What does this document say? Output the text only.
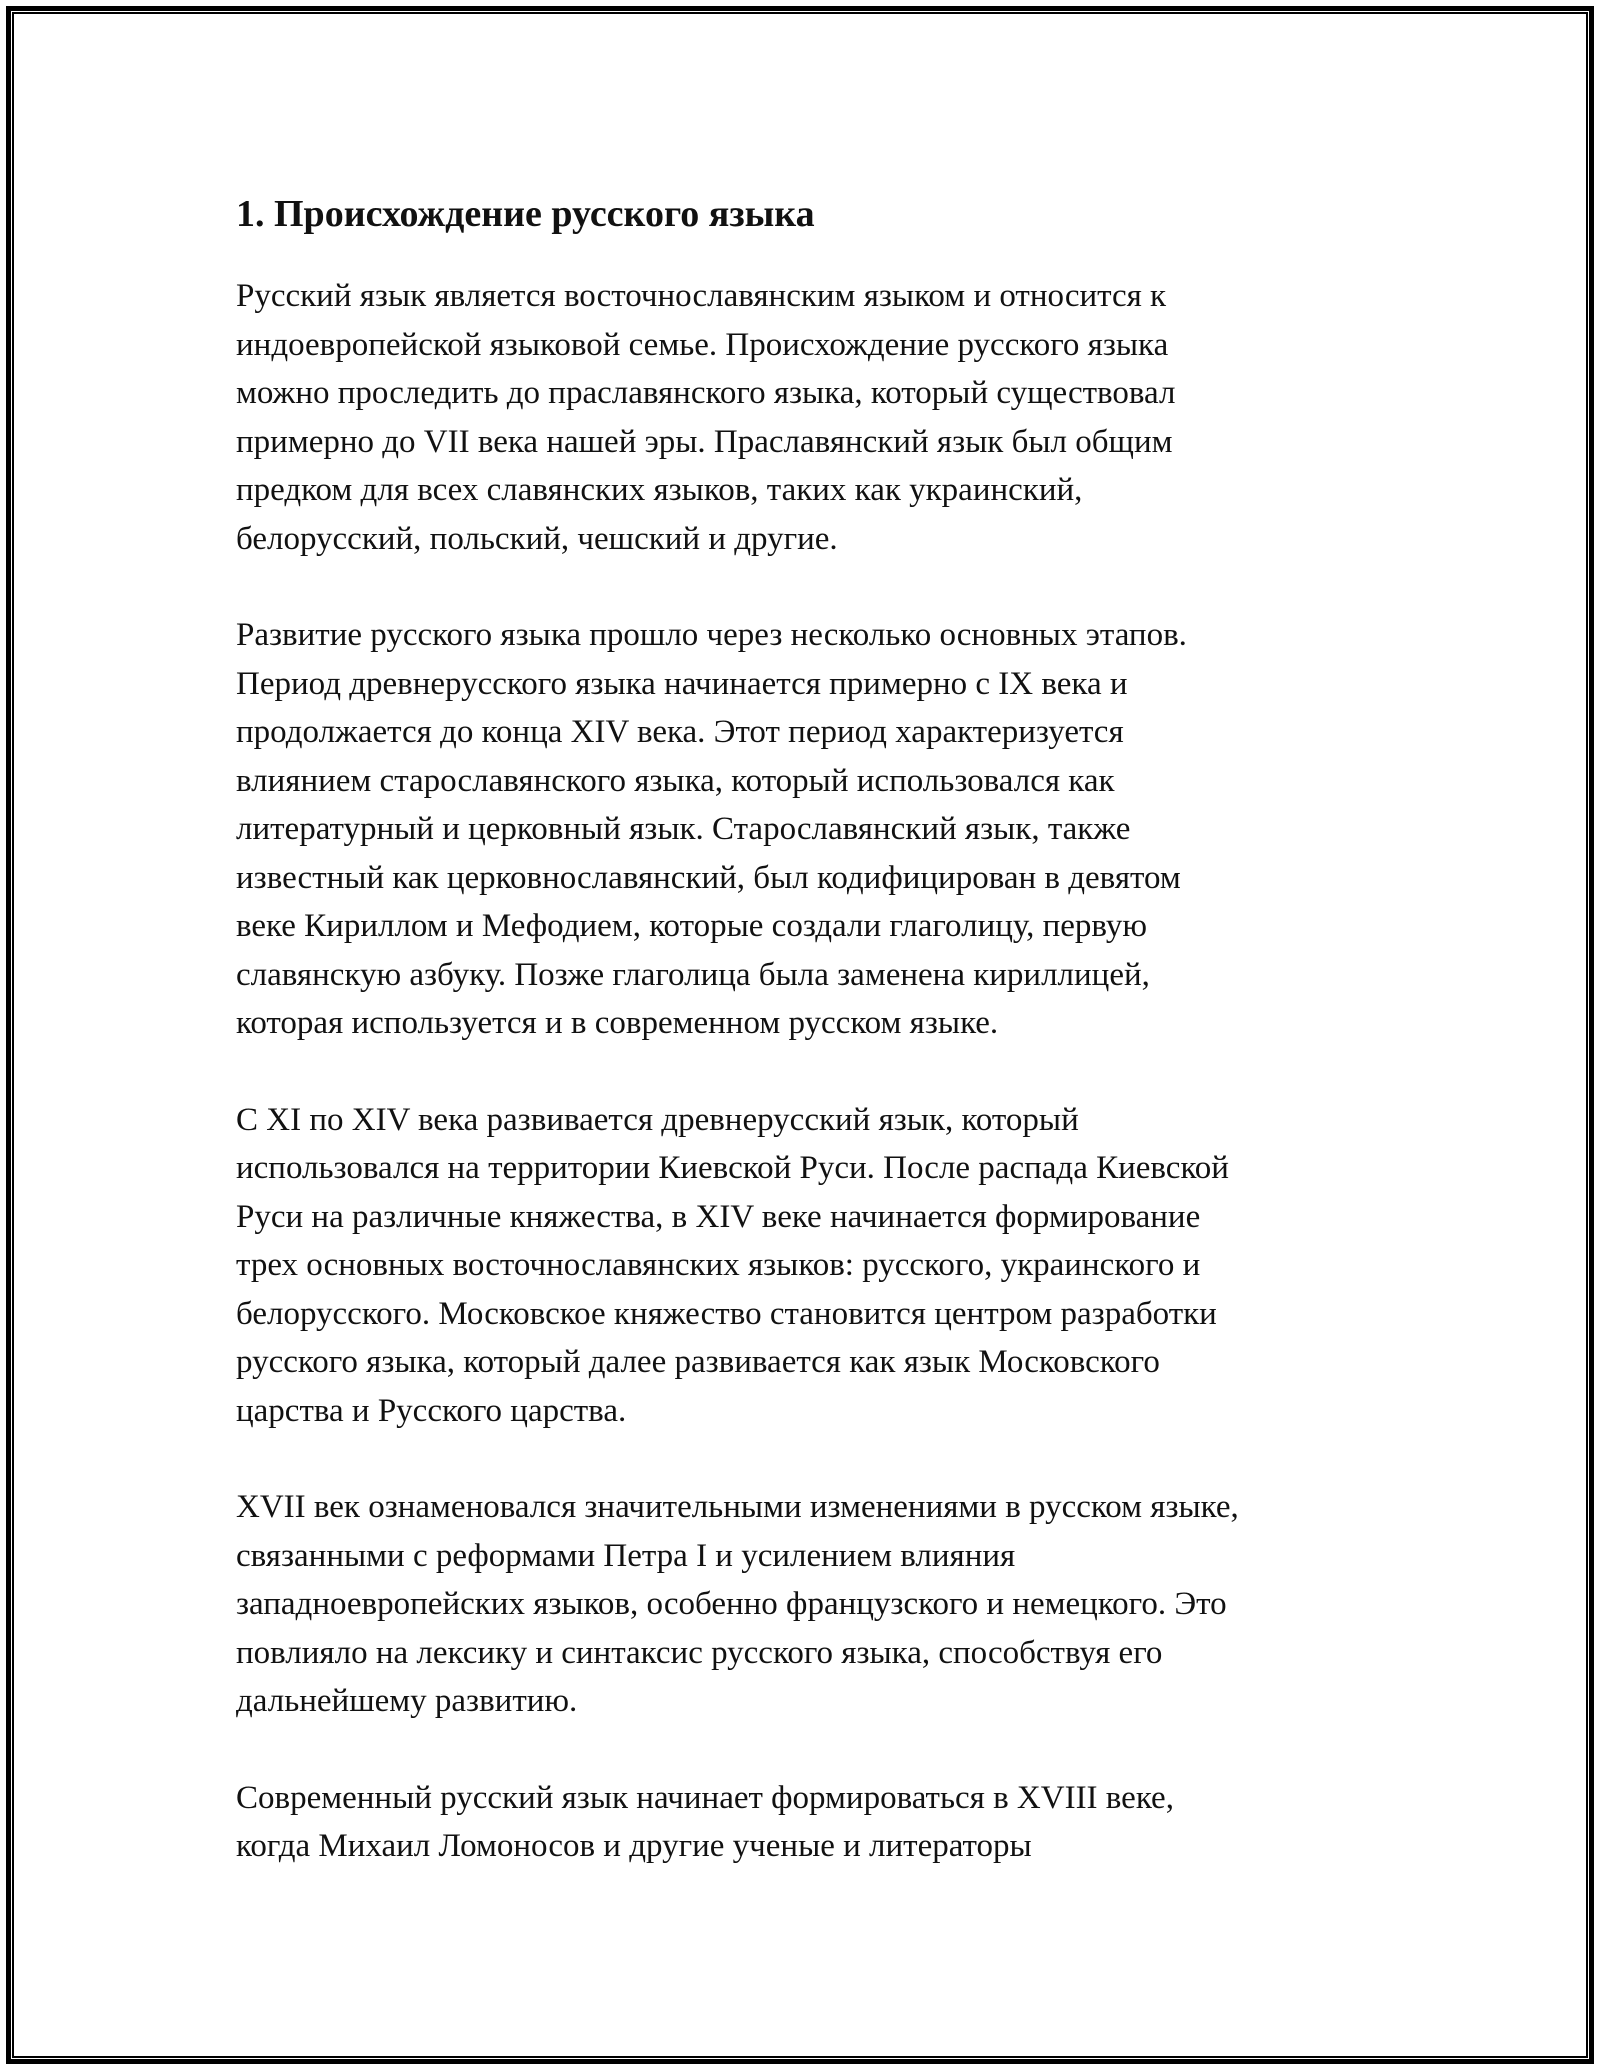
1. Происхождение русского языка

Русский язык является восточнославянским языком и относится к
индоевропейской языковой семье. Происхождение русского языка
можно проследить до праславянского языка, который существовал
примерно до VII века нашей эры. Праславянский язык был общим
предком для всех славянских языков, таких как украинский,
белорусский, польский, чешский и другие.

Развитие русского языка прошло через несколько основных этапов.
Период древнерусского языка начинается примерно с IX века и
продолжается до конца XIV века. Этот период характеризуется
влиянием старославянского языка, который использовался как
литературный и церковный язык. Старославянский язык, также
известный как церковнославянский, был кодифицирован в девятом
веке Кириллом и Мефодием, которые создали глаголицу, первую
славянскую азбуку. Позже глаголица была заменена кириллицей,
которая используется и в современном русском языке.

С XI по XIV века развивается древнерусский язык, который
использовался на территории Киевской Руси. После распада Киевской
Руси на различные княжества, в XIV веке начинается формирование
трех основных восточнославянских языков: русского, украинского и
белорусского. Московское княжество становится центром разработки
русского языка, который далее развивается как язык Московского
царства и Русского царства.

XVII век ознаменовался значительными изменениями в русском языке,
связанными с реформами Петра I и усилением влияния
западноевропейских языков, особенно французского и немецкого. Это
повлияло на лексику и синтаксис русского языка, способствуя его
дальнейшему развитию.

Современный русский язык начинает формироваться в XVIII веке,
когда Михаил Ломоносов и другие ученые и литераторы
